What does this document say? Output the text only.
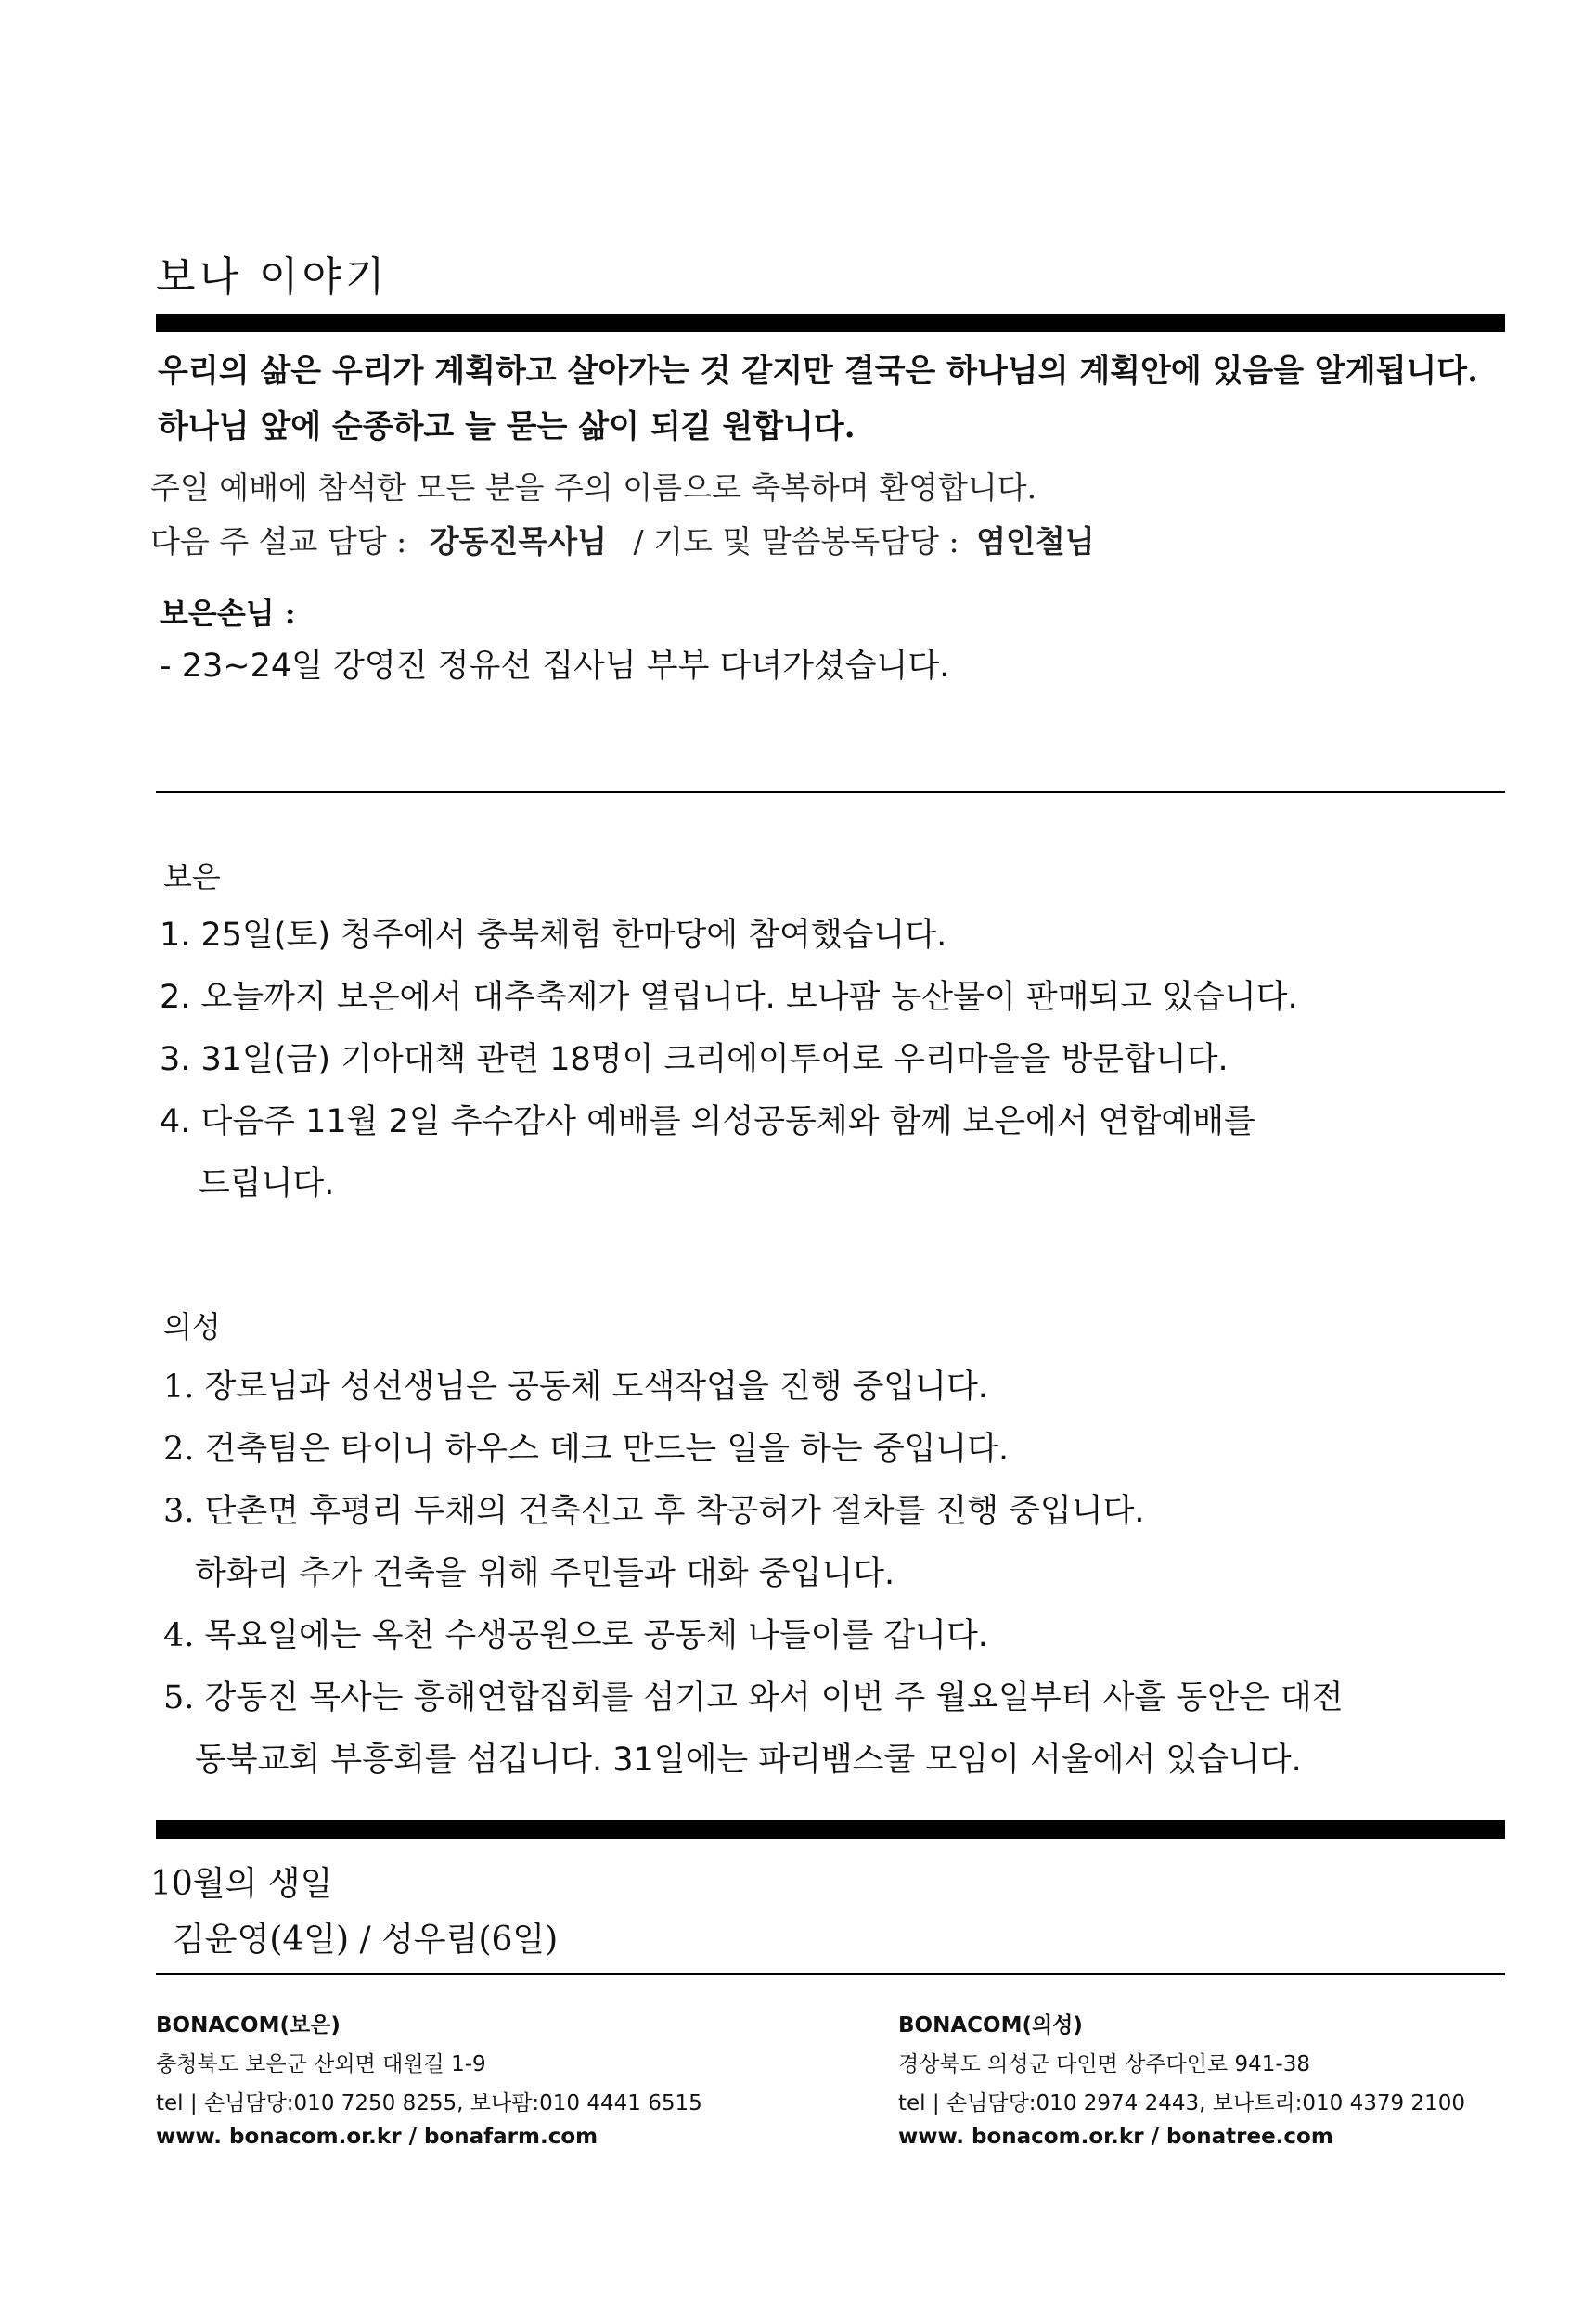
보나 이야기
우리의 삶은 우리가 계획하고 살아가는 것 같지만 결국은 하나님의 계획안에 있음을 알게됩니다.
하나님 앞에 순종하고 늘 묻는 삶이 되길 원합니다.
주일 예배에 참석한 모든 분을 주의 이름으로 축복하며 환영합니다.
다음 주 설교 담당 : 강동진목사님 / 기도 및 말씀봉독담당 : 염인철님
보은손님 :
- 23~24일 강영진 정유선 집사님 부부 다녀가셨습니다.
보은
1. 25일(토) 청주에서 충북체험 한마당에 참여했습니다.
2. 오늘까지 보은에서 대추축제가 열립니다. 보나팜 농산물이 판매되고 있습니다.
3. 31일(금) 기아대책 관련 18명이 크리에이투어로 우리마을을 방문합니다.
4. 다음주 11월 2일 추수감사 예배를 의성공동체와 함께 보은에서 연합예배를
드립니다.
의성
1. 장로님과 성선생님은 공동체 도색작업을 진행 중입니다.
2. 건축팀은 타이니 하우스 데크 만드는 일을 하는 중입니다.
3. 단촌면 후평리 두채의 건축신고 후 착공허가 절차를 진행 중입니다.
하화리 추가 건축을 위해 주민들과 대화 중입니다.
4. 목요일에는 옥천 수생공원으로 공동체 나들이를 갑니다.
5. 강동진 목사는 흥해연합집회를 섬기고 와서 이번 주 월요일부터 사흘 동안은 대전
동북교회 부흥회를 섬깁니다. 31일에는 파리뱀스쿨 모임이 서울에서 있습니다.
10월의 생일
김윤영(4일) / 성우림(6일)
BONACOM(보은)
충청북도 보은군 산외면 대원길 1-9
tel | 손님담당:010 7250 8255, 보나팜:010 4441 6515
www. bonacom.or.kr / bonafarm.com
BONACOM(의성)
경상북도 의성군 다인면 상주다인로 941-38
tel | 손님담당:010 2974 2443, 보나트리:010 4379 2100
www. bonacom.or.kr / bonatree.com
